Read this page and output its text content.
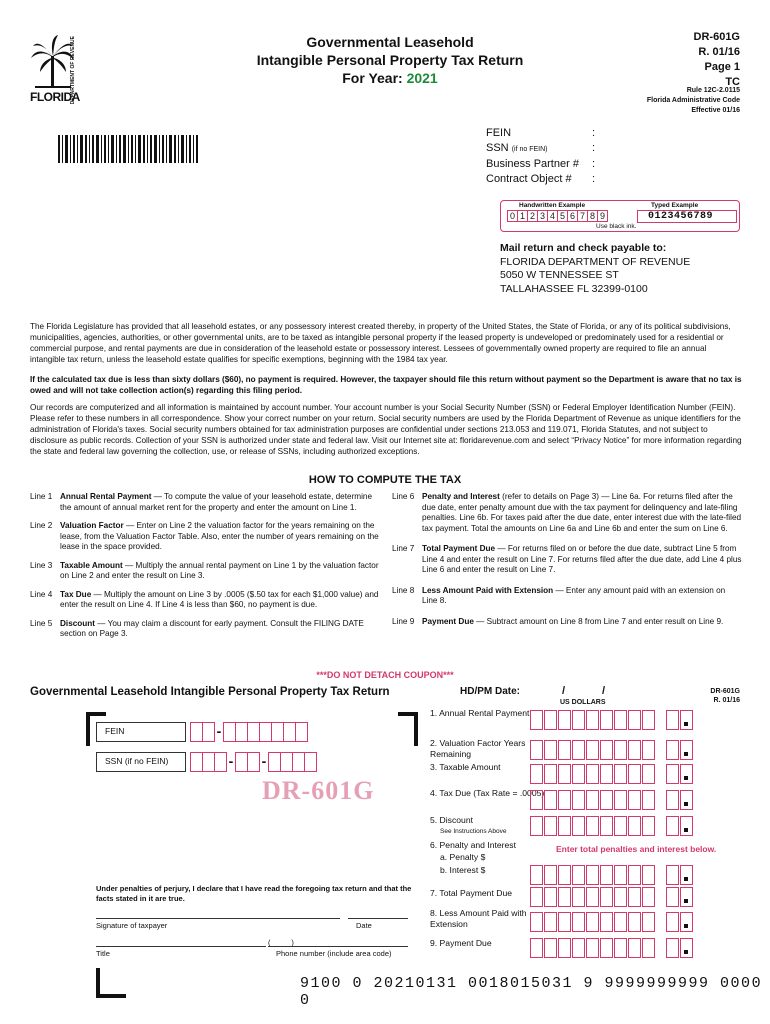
FLORIDA
DEPARTMENT OF REVENUE	Governmental Leasehold
Intangible Personal Property Tax Return
For Year: 2021
DR-601G
R. 01/16
Page 1
TC
Rule 12C-2.0115
Florida Administrative Code
Effective 01/16
FEIN	:
SSN (if no FEIN)	:
Business Partner # :
Contract Object # :
Handwritten Example	Typed Example
0 1 2 3 4 5 6 7 8 9	0123456789
Use black ink.
Mail return and check payable to:
FLORIDA DEPARTMENT OF REVENUE
5050 W TENNESSEE ST
TALLAHASSEE FL 32399-0100
The Florida Legislature has provided that all leasehold estates, or any possessory interest created thereby, in property of the United States, the State of Florida, or any of its political subdivisions, municipalities, agencies, authorities, or other governmental units, are to be taxed as intangible personal property if the leased property is undeveloped or predominately used for a residential or commercial purpose, and rental payments are due in consideration of the leasehold estate or possessory interest. Lessees of governmentally owned property are required to file an annual intangible tax return, unless the leasehold estate qualifies for specific exemptions, beginning with the 1984 tax year.
If the calculated tax due is less than sixty dollars ($60), no payment is required. However, the taxpayer should file this return without payment so the Department is aware that no tax is owed and will not take collection action(s) regarding this filing period.
Our records are computerized and all information is maintained by account number. Your account number is your Social Security Number (SSN) or Federal Employer Identification Number (FEIN). Please refer to these numbers in all correspondence. Show your correct number on your return. Social security numbers are used by the Florida Department of Revenue as unique identifiers for the administration of Florida's taxes. Social security numbers obtained for tax administration purposes are confidential under sections 213.053 and 119.071, Florida Statutes, and not subject to disclosure as public records. Collection of your SSN is authorized under state and federal law. Visit our Internet site at: floridarevenue.com and select “Privacy Notice” for more information regarding the state and federal law governing the collection, use, or release of SSNs, including authorized exceptions.
HOW TO COMPUTE THE TAX
Line 1 Annual Rental Payment — To compute the value of your leasehold estate, determine the amount of annual market rent for the property and enter the amount on Line 1.
Line 2 Valuation Factor — Enter on Line 2 the valuation factor for the years remaining on the lease, from the Valuation Factor Table. Also, enter the number of years remaining on the lease in the space provided.
Line 3 Taxable Amount — Multiply the annual rental payment on Line 1 by the valuation factor on Line 2 and enter the result on Line 3.
Line 4 Tax Due — Multiply the amount on Line 3 by .0005 ($.50 tax for each $1,000 value) and enter the result on Line 4. If Line 4 is less than $60, no payment is due.
Line 5 Discount — You may claim a discount for early payment. Consult the FILING DATE section on Page 3.
Line 6 Penalty and Interest (refer to details on Page 3) — Line 6a. For returns filed after the due date, enter penalty amount due with the tax payment for delinquency and late-filing penalties. Line 6b. For taxes paid after the due date, enter interest due with the late-filed tax payment. Total the amounts on Line 6a and Line 6b and enter the sum on Line 6.
Line 7 Total Payment Due — For returns filed on or before the due date, subtract Line 5 from Line 4 and enter the result on Line 7. For returns filed after the due date, add Line 4 plus Line 6 and enter the result on Line 7.
Line 8 Less Amount Paid with Extension — Enter any amount paid with an extension on Line 8.
Line 9 Payment Due — Subtract amount on Line 8 from Line 7 and enter result on Line 9.
***DO NOT DETACH COUPON***
Governmental Leasehold Intangible Personal Property Tax Return	HD/PM Date:	/	/
US DOLLARS
DR-601G
R. 01/16
FEIN	-
SSN (if no FEIN)	- -
DR-601G
1. Annual Rental Payment
2. Valuation Factor Years Remaining
3. Taxable Amount
4. Tax Due (Tax Rate = .0005)
5. Discount
See Instructions Above
6. Penalty and Interest
a. Penalty $
b. Interest $
7. Total Payment Due
8. Less Amount Paid with Extension
9. Payment Due
Enter total penalties and interest below.
Under penalties of perjury, I declare that I have read the foregoing tax return and that the facts stated in it are true.
Signature of taxpayer	Date
Title
(_____)
Phone number (include area code)
9100 0 20210131 0018015031 9 9999999999 0000 0
